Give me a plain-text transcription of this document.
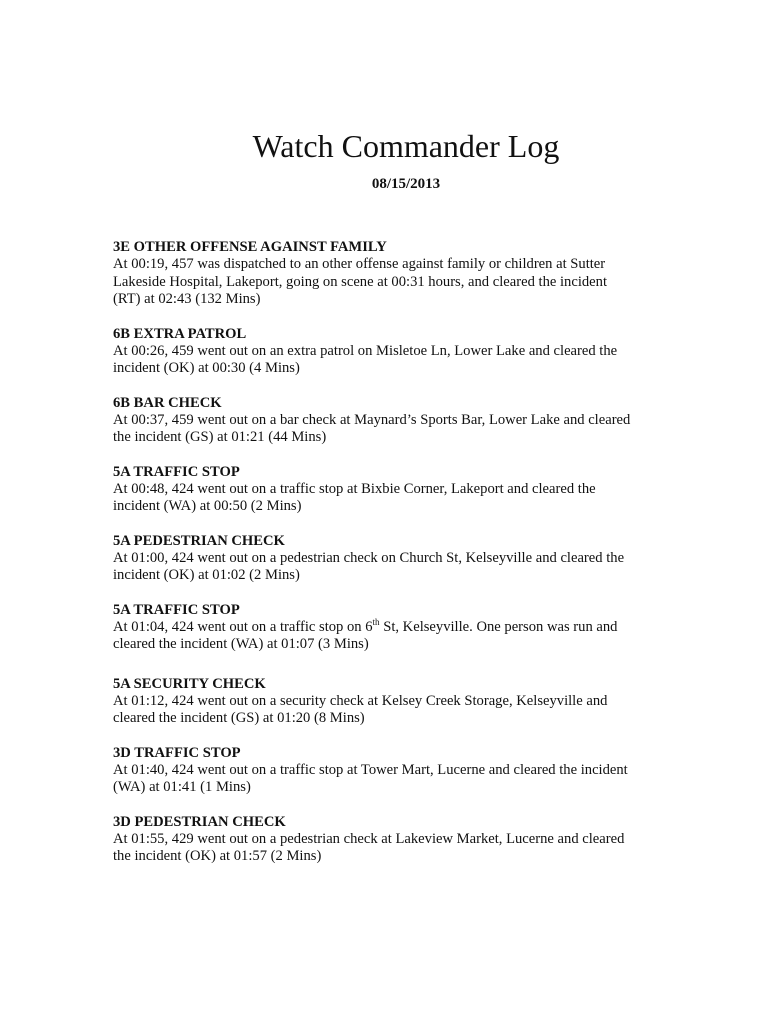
Watch Commander Log
08/15/2013
3E OTHER OFFENSE AGAINST FAMILY
At 00:19, 457 was dispatched to an other offense against family or children at Sutter
Lakeside Hospital, Lakeport, going on scene at 00:31 hours, and cleared the incident
(RT) at 02:43 (132 Mins)
6B EXTRA PATROL
At 00:26, 459 went out on an extra patrol on Misletoe Ln, Lower Lake and cleared the
incident (OK) at 00:30 (4 Mins)
6B BAR CHECK
At 00:37, 459 went out on a bar check at Maynard’s Sports Bar, Lower Lake and cleared
the incident (GS) at 01:21 (44 Mins)
5A TRAFFIC STOP
At 00:48, 424 went out on a traffic stop at Bixbie Corner, Lakeport and cleared the
incident (WA) at 00:50 (2 Mins)
5A PEDESTRIAN CHECK
At 01:00, 424 went out on a pedestrian check on Church St, Kelseyville and cleared the
incident (OK) at 01:02 (2 Mins)
5A TRAFFIC STOP
At 01:04, 424 went out on a traffic stop on 6th St, Kelseyville. One person was run and
cleared the incident (WA) at 01:07 (3 Mins)
5A SECURITY CHECK
At 01:12, 424 went out on a security check at Kelsey Creek Storage, Kelseyville and
cleared the incident (GS) at 01:20 (8 Mins)
3D TRAFFIC STOP
At 01:40, 424 went out on a traffic stop at Tower Mart, Lucerne and cleared the incident
(WA) at 01:41 (1 Mins)
3D PEDESTRIAN CHECK
At 01:55, 429 went out on a pedestrian check at Lakeview Market, Lucerne and cleared
the incident (OK) at 01:57 (2 Mins)
